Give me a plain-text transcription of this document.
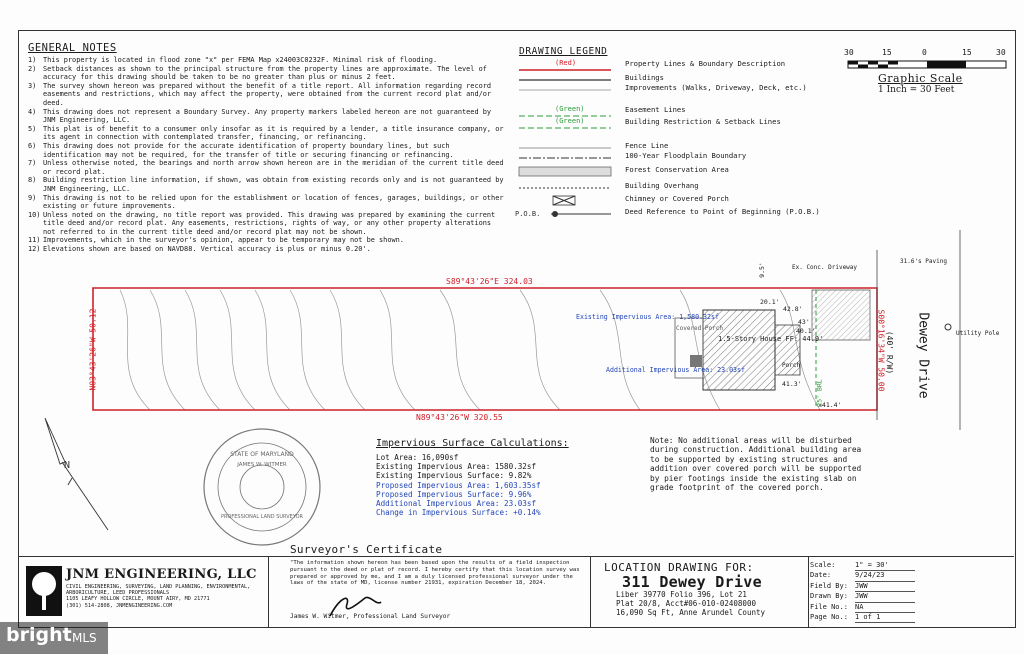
GENERAL NOTES
1) This property is located in flood zone "x" per FEMA Map x24003C0232F. Minimal risk of flooding.
2) Setback distances as shown to the principal structure from the property lines are approximate. The level of accuracy for this drawing should be taken to be no greater than plus or minus 2 feet.
3) The survey shown hereon was prepared without the benefit of a title report. All information regarding record easements and restrictions, which may affect the property, were obtained from the current record plat and/or deed.
4) This drawing does not represent a Boundary Survey. Any property markers labeled hereon are not guaranteed by JNM Engineering, LLC.
5) This plat is of benefit to a consumer only insofar as it is required by a lender, a title insurance company, or its agent in connection with contemplated transfer, financing, or refinancing.
6) This drawing does not provide for the accurate identification of property boundary lines, but such identification may not be required, for the transfer of title or securing financing or refinancing.
7) Unless otherwise noted, the bearings and north arrow shown hereon are in the meridian of the current title deed or record plat.
8) Building restriction line information, if shown, was obtain from existing records only and is not guaranteed by JNM Engineering, LLC.
9) This drawing is not to be relied upon for the establishment or location of fences, garages, buildings, or other existing or future improvements.
10) Unless noted on the drawing, no title report was provided. This drawing was prepared by examining the current title deed and/or record plat. Any easements, restrictions, rights of way, or any other property alterations not referred to in the current title deed and/or record plat may not be shown.
11) Improvements, which in the surveyor's opinion, appear to be temporary may not be shown.
12) Elevations shown are based on NAVD88. Vertical accuracy is plus or minus 0.20'.
DRAWING LEGEND
(Red)	Property Lines & Boundary Description
Buildings
Improvements (Walks, Driveway, Deck, etc.)
(Green)	Easement Lines
(Green)	Building Restriction & Setback Lines
Fence Line
100-Year Floodplain Boundary
Forest Conservation Area
Building Overhang
Chimney or Covered Porch
P.O.B.	Deed Reference to Point of Beginning (P.O.B.)
30	15	0	15	30
Graphic Scale
1 Inch = 30 Feet
N
STATE OF MARYLAND
JAMES W. WITMER
PROFESSIONAL LAND SURVEYOR
S89°43'26"E 324.03
N89°43'26"W 320.55
N03°43'26"W 50.12	S00°16'34"W 50.00 Dewey Drive
(40' R/W)
31.6's Paving
Ex. Conc. Driveway
Utility Pole
1.5-Story House FF: 44.9'
Covered Porch
Porch
Existing Impervious Area: 1,580.32sf
Additional Impervious Area: 23.03sf
40.1'
43'
42.8'
41.3'
x41.4'
20.1'
25' BRL
9.5'
Impervious Surface Calculations:
Lot Area: 16,090sf
Existing Impervious Area: 1580.32sf
Existing Impervious Surface: 9.82%
Proposed Impervious Area: 1,603.35sf
Proposed Impervious Surface: 9.96%
Additional Impervious Area: 23.03sf
Change in Impervious Surface: +0.14%
Note: No additional areas will be disturbed during construction. Additional building area to be supported by existing structures and addition over covered porch will be supported by pier footings inside the existing slab on grade footprint of the covered porch.
Surveyor's Certificate
JNM ENGINEERING, LLC
CIVIL ENGINEERING, SURVEYING, LAND PLANNING, ENVIRONMENTAL, ARBORICULTURE, LEED PROFESSIONALS
1105 LEAFY HOLLOW CIRCLE, MOUNT AIRY, MD 21771
(301) 514-2808, JNMENGINEERING.COM
"The information shown hereon has been based upon the results of a field inspection pursuant to the deed or plat of record. I hereby certify that this location survey was prepared or approved by me, and I am a duly licensed professional surveyor under the laws of the state of MD, license number 21931, expiration December 18, 2024.
James W. Witmer, Professional Land Surveyor
LOCATION DRAWING FOR:
311 Dewey Drive
Liber 39770 Folio 396, Lot 21
Plat 20/8, Acct#06-010-02408000
16,090 Sq Ft, Anne Arundel County
Scale:	1" = 30'
Date:	9/24/23
Field By:	JWW
Drawn By:	JWW
File No.:	NA
Page No.:	1 of 1
bright MLS
